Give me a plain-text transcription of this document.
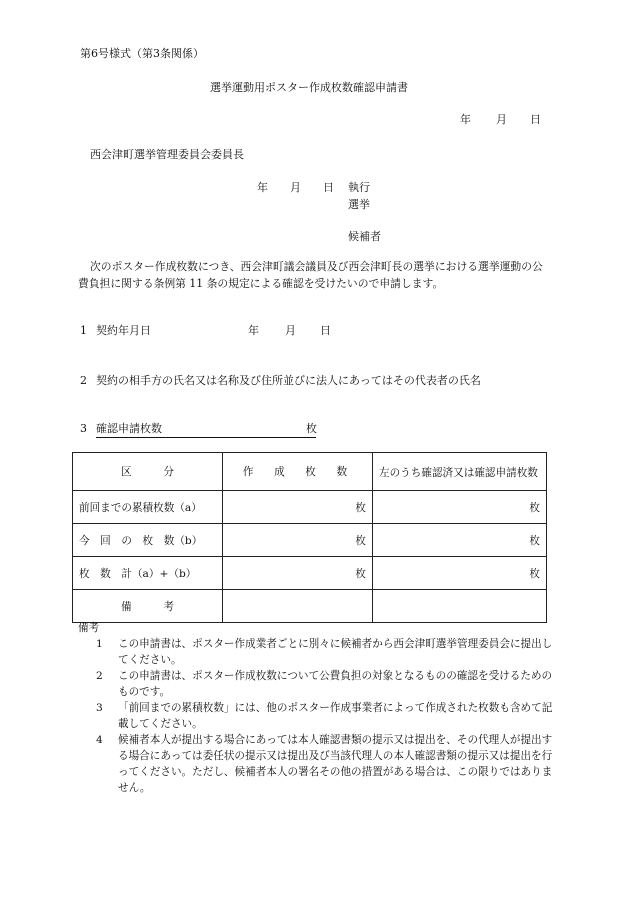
第6号様式（第3条関係）
選挙運動用ポスター作成枚数確認申請書
年 月 日
西会津町選挙管理委員会委員長
年 月 日 執行
選挙
候補者
次のポスター作成枚数につき、西会津町議会議員及び西会津町長の選挙における選挙運動の公費負担に関する条例第 11 条の規定による確認を受けたいので申請します。
1 契約年月日	年 月 日
2 契約の相手方の氏名又は名称及び住所並びに法人にあってはその代表者の氏名
3 確認申請枚数	枚
区　　　分	作　成　枚　数	左のうち確認済又は確認申請枚数
前回までの累積枚数（a）	枚	枚
今　回　の　枚　数（b）	枚	枚
枚　数　計（a）+（b）	枚	枚
備　　　考		
備考
1 この申請書は、ポスター作成業者ごとに別々に候補者から西会津町選挙管理委員会に提出してください。
2 この申請書は、ポスター作成枚数について公費負担の対象となるものの確認を受けるためのものです。
3 「前回までの累積枚数」には、他のポスター作成事業者によって作成された枚数も含めて記載してください。
4 候補者本人が提出する場合にあっては本人確認書類の提示又は提出を、その代理人が提出する場合にあっては委任状の提示又は提出及び当該代理人の本人確認書類の提示又は提出を行ってください。ただし、候補者本人の署名その他の措置がある場合は、この限りではありません。
